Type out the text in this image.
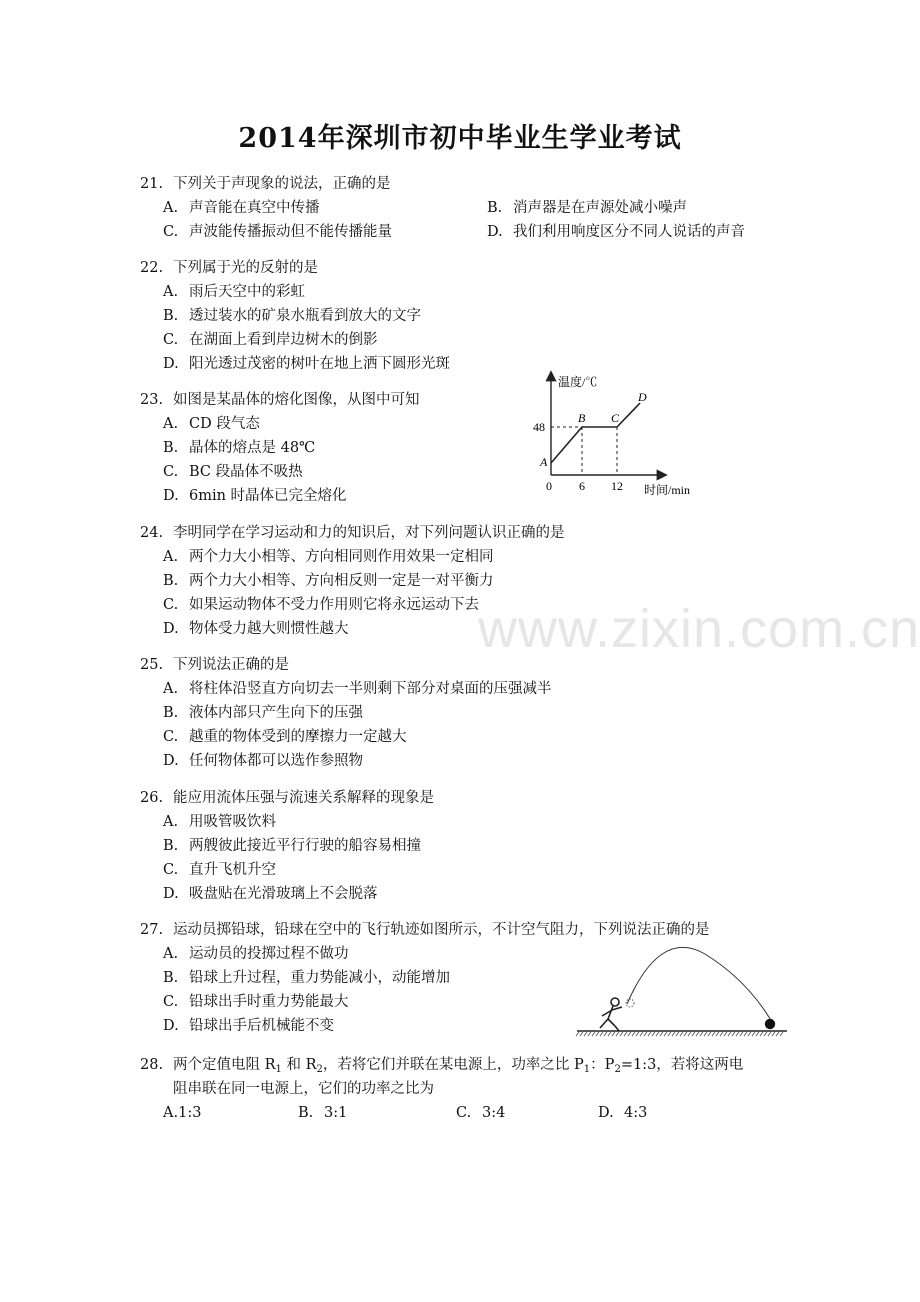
2014年深圳市初中毕业生学业考试
www.zixin.com.cn
21. 下列关于声现象的说法，正确的是
A. 声音能在真空中传播	B. 消声器是在声源处减小噪声
C. 声波能传播振动但不能传播能量	D. 我们利用响度区分不同人说话的声音
22. 下列属于光的反射的是
A. 雨后天空中的彩虹
B. 透过装水的矿泉水瓶看到放大的文字
C. 在湖面上看到岸边树木的倒影
D. 阳光透过茂密的树叶在地上洒下圆形光斑
23. 如图是某晶体的熔化图像，从图中可知
A. CD 段气态
B. 晶体的熔点是 48℃
C. BC 段晶体不吸热
D. 6min 时晶体已完全熔化
温度/℃
时间/min
48
0 6 12
A
B C
D
24. 李明同学在学习运动和力的知识后，对下列问题认识正确的是
A. 两个力大小相等、方向相同则作用效果一定相同
B. 两个力大小相等、方向相反则一定是一对平衡力
C. 如果运动物体不受力作用则它将永远运动下去
D. 物体受力越大则惯性越大
25. 下列说法正确的是
A. 将柱体沿竖直方向切去一半则剩下部分对桌面的压强减半
B. 液体内部只产生向下的压强
C. 越重的物体受到的摩擦力一定越大
D. 任何物体都可以选作参照物
26. 能应用流体压强与流速关系解释的现象是
A. 用吸管吸饮料
B. 两艘彼此接近平行行驶的船容易相撞
C. 直升飞机升空
D. 吸盘贴在光滑玻璃上不会脱落
27. 运动员掷铅球，铅球在空中的飞行轨迹如图所示，不计空气阻力，下列说法正确的是
A. 运动员的投掷过程不做功
B. 铅球上升过程，重力势能减小，动能增加
C. 铅球出手时重力势能最大
D. 铅球出手后机械能不变
28. 两个定值电阻 $R_1$ 和 $R_2$，若将它们并联在某电源上，功率之比 $P_1$：$P_2=1:3$，若将这两电
阻串联在同一电源上，它们的功率之比为
A.1:3	B. 3:1	C. 3:4	D. 4:3
